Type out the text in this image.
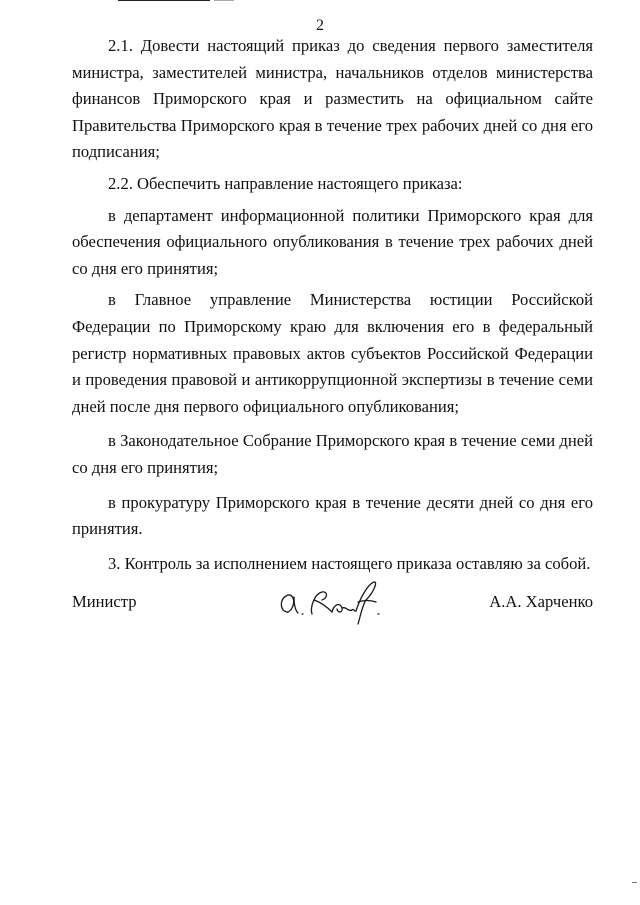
2

2.1. Довести настоящий приказ до сведения первого заместителя министра, заместителей министра, начальников отделов министерства финансов Приморского края и разместить на официальном сайте Правительства Приморского края в течение трех рабочих дней со дня его подписания;

2.2. Обеспечить направление настоящего приказа:

в департамент информационной политики Приморского края для обеспечения официального опубликования в течение трех рабочих дней со дня его принятия;

в Главное управление Министерства юстиции Российской Федерации по Приморскому краю для включения его в федеральный регистр нормативных правовых актов субъектов Российской Федерации и проведения правовой и антикоррупционной экспертизы в течение семи дней после дня первого официального опубликования;

в Законодательное Собрание Приморского края в течение семи дней со дня его принятия;

в прокуратуру Приморского края в течение десяти дней со дня его принятия.

3. Контроль за исполнением настоящего приказа оставляю за собой.

Министр	А.А. Харченко
